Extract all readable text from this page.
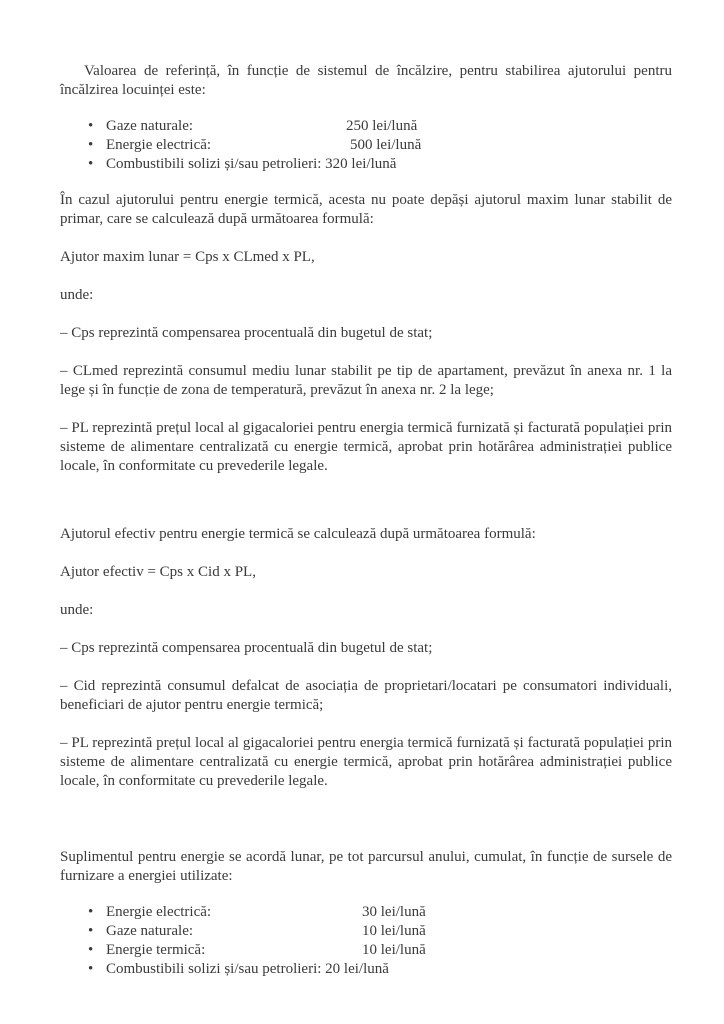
Valoarea de referință, în funcție de sistemul de încălzire, pentru stabilirea ajutorului pentru încălzirea locuinței este:

• Gaze naturale:	250 lei/lună
• Energie electrică:	500 lei/lună
• Combustibili solizi și/sau petrolieri: 320 lei/lună

În cazul ajutorului pentru energie termică, acesta nu poate depăși ajutorul maxim lunar stabilit de primar, care se calculează după următoarea formulă:

Ajutor maxim lunar = Cps x CLmed x PL,

unde:

– Cps reprezintă compensarea procentuală din bugetul de stat;

– CLmed reprezintă consumul mediu lunar stabilit pe tip de apartament, prevăzut în anexa nr. 1 la lege și în funcție de zona de temperatură, prevăzut în anexa nr. 2 la lege;

– PL reprezintă prețul local al gigacaloriei pentru energia termică furnizată și facturată populației prin sisteme de alimentare centralizată cu energie termică, aprobat prin hotărârea administrației publice locale, în conformitate cu prevederile legale.

Ajutorul efectiv pentru energie termică se calculează după următoarea formulă:

Ajutor efectiv = Cps x Cid x PL,

unde:

– Cps reprezintă compensarea procentuală din bugetul de stat;

– Cid reprezintă consumul defalcat de asociația de proprietari/locatari pe consumatori individuali, beneficiari de ajutor pentru energie termică;

– PL reprezintă prețul local al gigacaloriei pentru energia termică furnizată și facturată populației prin sisteme de alimentare centralizată cu energie termică, aprobat prin hotărârea administrației publice locale, în conformitate cu prevederile legale.

Suplimentul pentru energie se acordă lunar, pe tot parcursul anului, cumulat, în funcție de sursele de furnizare a energiei utilizate:

• Energie electrică:	30 lei/lună
• Gaze naturale:	10 lei/lună
• Energie termică:	10 lei/lună
• Combustibili solizi și/sau petrolieri: 20 lei/lună
